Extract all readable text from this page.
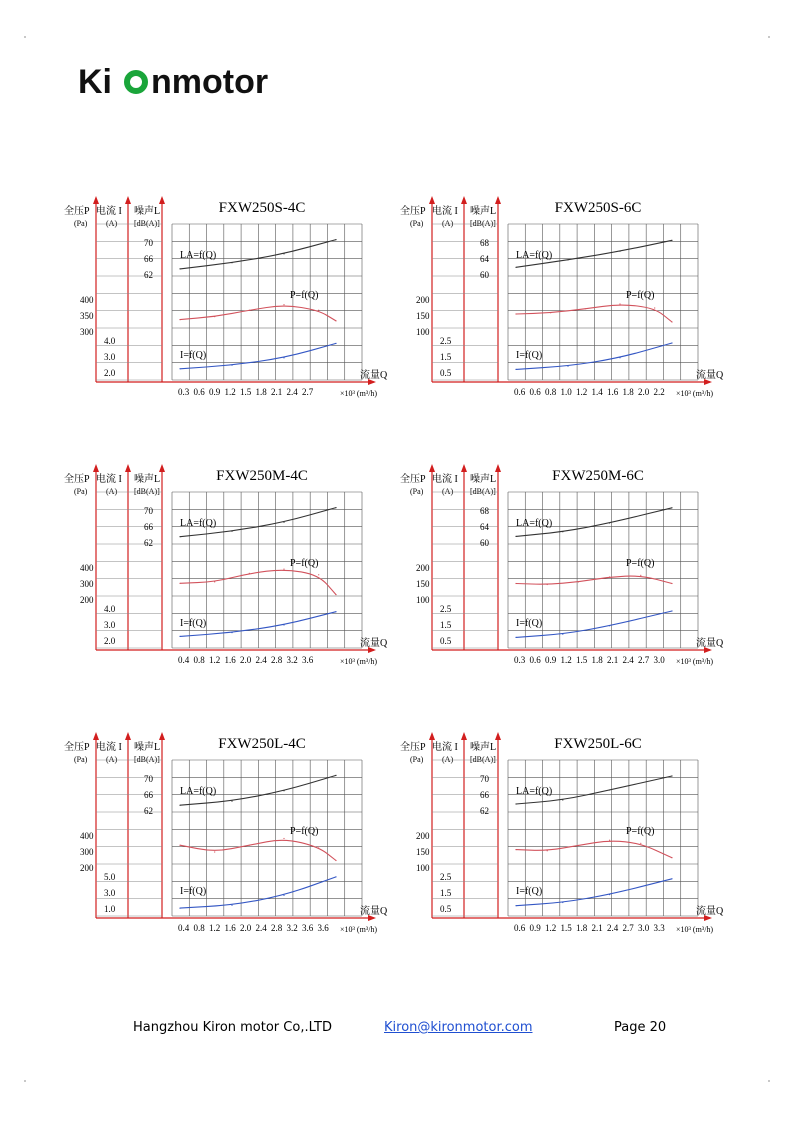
Ki nmotor
全压P
(Pa)
电流 I
(A)
噪声L
[dB(A)]
FXW250S-4C
70
66
62
400
350
300
4.0
3.0
2.0
0.3 0.6 0.9 1.2 1.5 1.8 2.1 2.4 2.7
流量Q
×10³ (m³/h)
LA=f(Q)
P=f(Q)
I=f(Q)
全压P
(Pa)
电流 I
(A)
噪声L
[dB(A)]
FXW250S-6C
68
64
60
200
150
100
2.5
1.5
0.5
0.6 0.6 0.8 1.0 1.2 1.4 1.6 1.8 2.0 2.2
流量Q
×10³ (m³/h)
LA=f(Q)
P=f(Q)
I=f(Q)
全压P
(Pa)
电流 I
(A)
噪声L
[dB(A)]
FXW250M-4C
70
66
62
400
300
200
4.0
3.0
2.0
0.4 0.8 1.2 1.6 2.0 2.4 2.8 3.2 3.6
流量Q
×10³ (m³/h)
LA=f(Q)
P=f(Q)
I=f(Q)
全压P
(Pa)
电流 I
(A)
噪声L
[dB(A)]
FXW250M-6C
68
64
60
200
150
100
2.5
1.5
0.5
0.3 0.6 0.9 1.2 1.5 1.8 2.1 2.4 2.7 3.0
流量Q
×10³ (m³/h)
LA=f(Q)
P=f(Q)
I=f(Q)
全压P
(Pa)
电流 I
(A)
噪声L
[dB(A)]
FXW250L-4C
70
66
62
400
300
200
5.0
3.0
1.0
0.4 0.8 1.2 1.6 2.0 2.4 2.8 3.2 3.6 3.6
流量Q
×10³ (m³/h)
LA=f(Q)
P=f(Q)
I=f(Q)
全压P
(Pa)
电流 I
(A)
噪声L
[dB(A)]
FXW250L-6C
70
66
62
200
150
100
2.5
1.5
0.5
0.6 0.9 1.2 1.5 1.8 2.1 2.4 2.7 3.0 3.3
流量Q
×10³ (m³/h)
LA=f(Q)
P=f(Q)
I=f(Q)
Hangzhou Kiron motor Co,.LTD	Kiron@kironmotor.com	Page 20
